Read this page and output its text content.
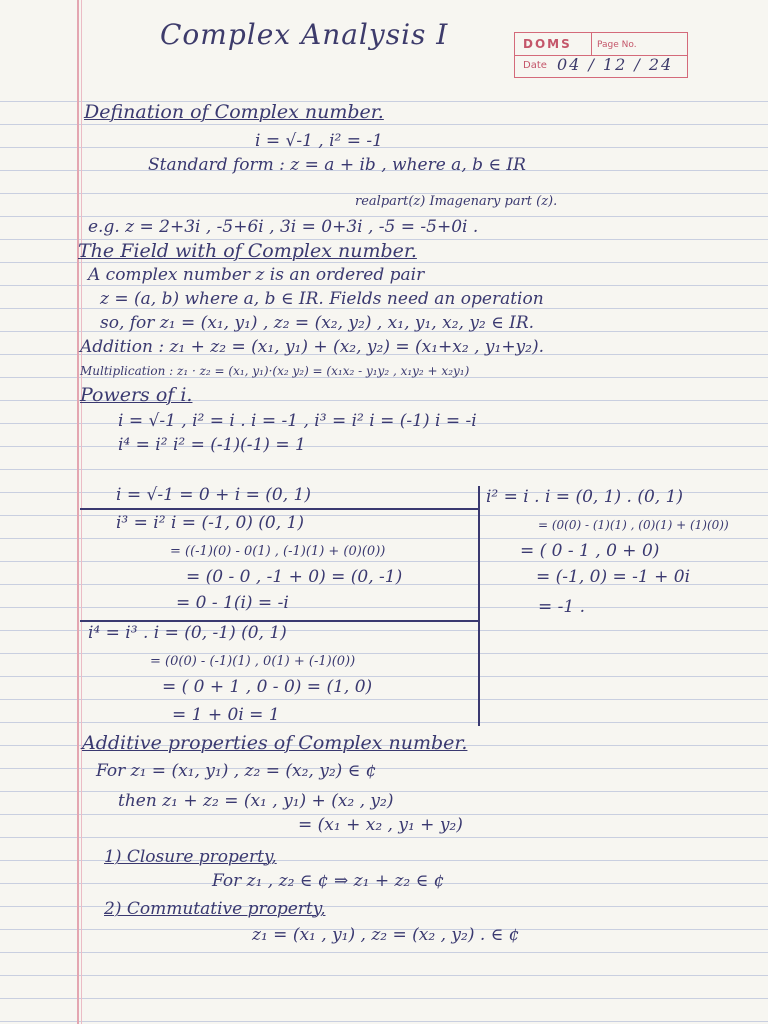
Complex Analysis I	DOMS	Page No.
Date 04 / 12 / 24
Defination of Complex number.
i = √-1 , i² = -1
Standard form : z = a + ib , where a, b ∈ IR
realpart(z) Imagenary part (z).
e.g. z = 2+3i , -5+6i , 3i = 0+3i , -5 = -5+0i .
The Field with of Complex number.
A complex number z is an ordered pair
z = (a, b) where a, b ∈ IR. Fields need an operation
so, for z₁ = (x₁, y₁) , z₂ = (x₂, y₂) , x₁, y₁, x₂, y₂ ∈ IR.
Addition : z₁ + z₂ = (x₁, y₁) + (x₂, y₂) = (x₁+x₂ , y₁+y₂).
Multiplication : z₁ · z₂ = (x₁, y₁)·(x₂ y₂) = (x₁x₂ - y₁y₂ , x₁y₂ + x₂y₁)
Powers of i.
i = √-1 , i² = i . i = -1 , i³ = i² i = (-1) i = -i
i⁴ = i² i² = (-1)(-1) = 1
i = √-1 = 0 + i = (0, 1)
i³ = i² i = (-1, 0) (0, 1)
= ((-1)(0) - 0(1) , (-1)(1) + (0)(0))
= (0 - 0 , -1 + 0) = (0, -1)
= 0 - 1(i) = -i
i⁴ = i³ . i = (0, -1) (0, 1)
= (0(0) - (-1)(1) , 0(1) + (-1)(0))
= ( 0 + 1 , 0 - 0) = (1, 0)
= 1 + 0i = 1
i² = i . i = (0, 1) . (0, 1)
= (0(0) - (1)(1) , (0)(1) + (1)(0))
= ( 0 - 1 , 0 + 0)
= (-1, 0) = -1 + 0i
= -1 .
Additive properties of Complex number.
For z₁ = (x₁, y₁) , z₂ = (x₂, y₂) ∈ ¢
then z₁ + z₂ = (x₁ , y₁) + (x₂ , y₂)
= (x₁ + x₂ , y₁ + y₂)
1) Closure property,
For z₁ , z₂ ∈ ¢ ⇒ z₁ + z₂ ∈ ¢
2) Commutative property,
z₁ = (x₁ , y₁) , z₂ = (x₂ , y₂) . ∈ ¢
